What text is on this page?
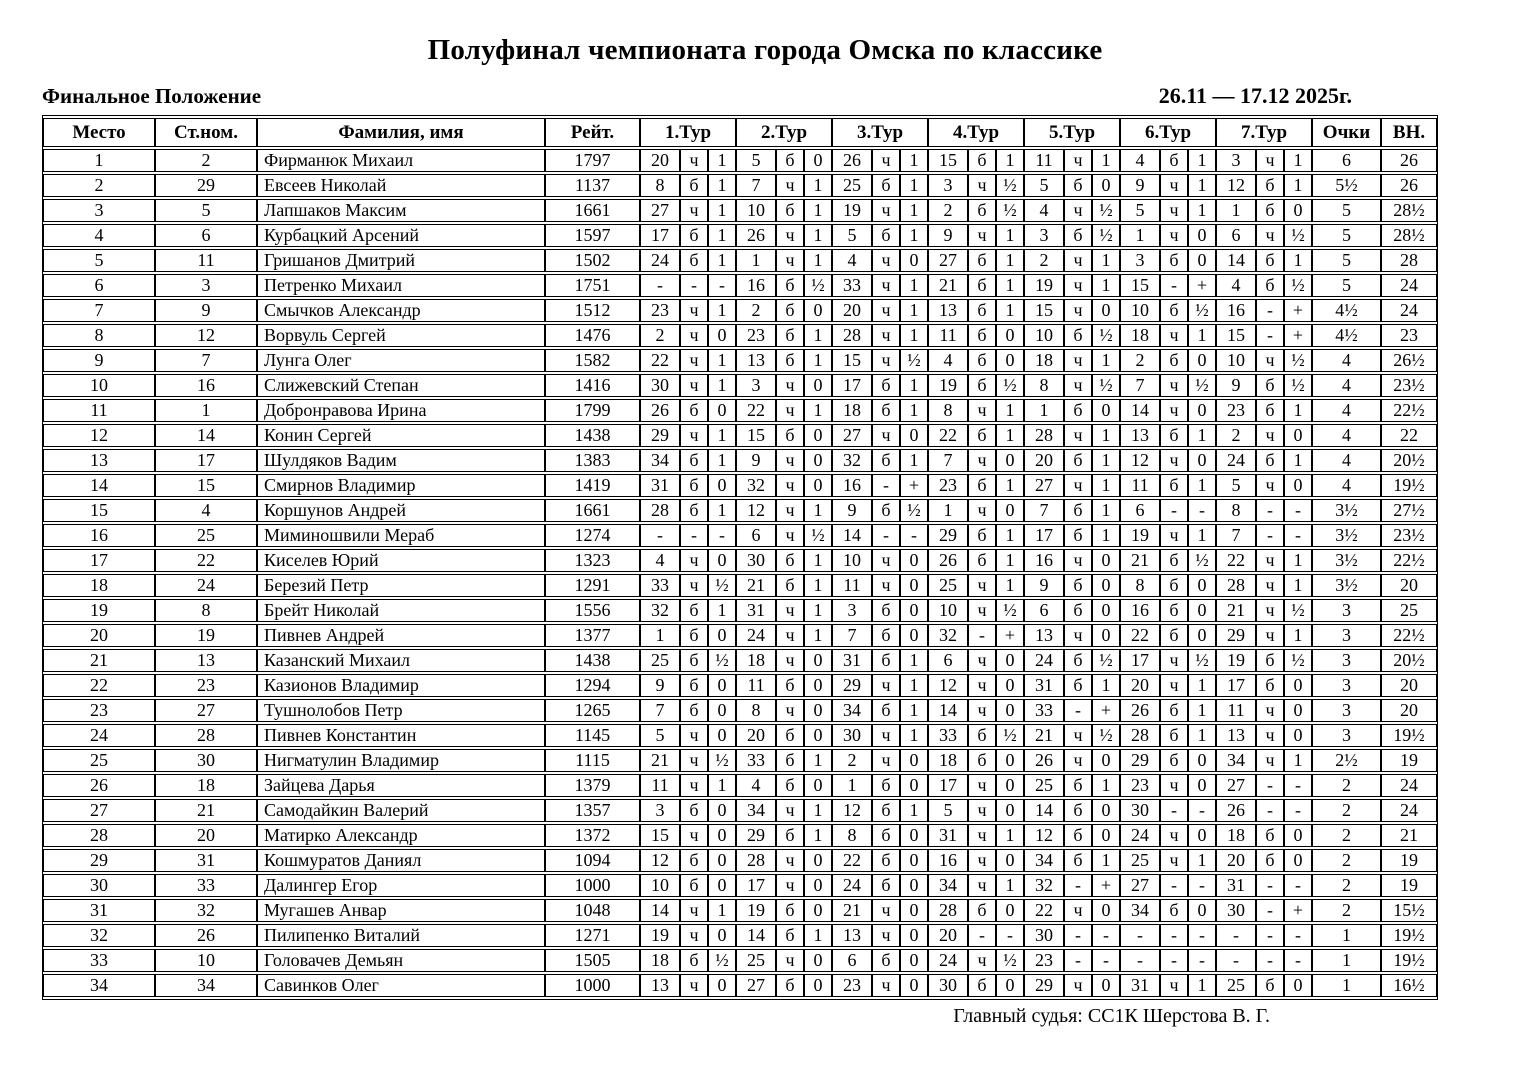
Полуфинал чемпионата города Омска по классике
Финальное Положение	26.11 — 17.12 2025г.
Место	Ст.ном.	Фамилия, имя	Рейт.	1.Тур			2.Тур			3.Тур			4.Тур			5.Тур			6.Тур			7.Тур			Очки	ВН.
1	2	Фирманюк Михаил	1797	20	ч	1	5	б	0	26	ч	1	15	б	1	11	ч	1	4	б	1	3	ч	1	6	26
2	29	Евсеев Николай	1137	8	б	1	7	ч	1	25	б	1	3	ч	½	5	б	0	9	ч	1	12	б	1	5½	26
3	5	Лапшаков Максим	1661	27	ч	1	10	б	1	19	ч	1	2	б	½	4	ч	½	5	ч	1	1	б	0	5	28½
4	6	Курбацкий Арсений	1597	17	б	1	26	ч	1	5	б	1	9	ч	1	3	б	½	1	ч	0	6	ч	½	5	28½
5	11	Гришанов Дмитрий	1502	24	б	1	1	ч	1	4	ч	0	27	б	1	2	ч	1	3	б	0	14	б	1	5	28
6	3	Петренко Михаил	1751	-	-	-	16	б	½	33	ч	1	21	б	1	19	ч	1	15	-	+	4	б	½	5	24
7	9	Смычков Александр	1512	23	ч	1	2	б	0	20	ч	1	13	б	1	15	ч	0	10	б	½	16	-	+	4½	24
8	12	Ворвуль Сергей	1476	2	ч	0	23	б	1	28	ч	1	11	б	0	10	б	½	18	ч	1	15	-	+	4½	23
9	7	Лунга Олег	1582	22	ч	1	13	б	1	15	ч	½	4	б	0	18	ч	1	2	б	0	10	ч	½	4	26½
10	16	Слижевский Степан	1416	30	ч	1	3	ч	0	17	б	1	19	б	½	8	ч	½	7	ч	½	9	б	½	4	23½
11	1	Добронравова Ирина	1799	26	б	0	22	ч	1	18	б	1	8	ч	1	1	б	0	14	ч	0	23	б	1	4	22½
12	14	Конин Сергей	1438	29	ч	1	15	б	0	27	ч	0	22	б	1	28	ч	1	13	б	1	2	ч	0	4	22
13	17	Шулдяков Вадим	1383	34	б	1	9	ч	0	32	б	1	7	ч	0	20	б	1	12	ч	0	24	б	1	4	20½
14	15	Смирнов Владимир	1419	31	б	0	32	ч	0	16	-	+	23	б	1	27	ч	1	11	б	1	5	ч	0	4	19½
15	4	Коршунов Андрей	1661	28	б	1	12	ч	1	9	б	½	1	ч	0	7	б	1	6	-	-	8	-	-	3½	27½
16	25	Миминошвили Мераб	1274	-	-	-	6	ч	½	14	-	-	29	б	1	17	б	1	19	ч	1	7	-	-	3½	23½
17	22	Киселев Юрий	1323	4	ч	0	30	б	1	10	ч	0	26	б	1	16	ч	0	21	б	½	22	ч	1	3½	22½
18	24	Березий Петр	1291	33	ч	½	21	б	1	11	ч	0	25	ч	1	9	б	0	8	б	0	28	ч	1	3½	20
19	8	Брейт Николай	1556	32	б	1	31	ч	1	3	б	0	10	ч	½	6	б	0	16	б	0	21	ч	½	3	25
20	19	Пивнев Андрей	1377	1	б	0	24	ч	1	7	б	0	32	-	+	13	ч	0	22	б	0	29	ч	1	3	22½
21	13	Казанский Михаил	1438	25	б	½	18	ч	0	31	б	1	6	ч	0	24	б	½	17	ч	½	19	б	½	3	20½
22	23	Казионов Владимир	1294	9	б	0	11	б	0	29	ч	1	12	ч	0	31	б	1	20	ч	1	17	б	0	3	20
23	27	Тушнолобов Петр	1265	7	б	0	8	ч	0	34	б	1	14	ч	0	33	-	+	26	б	1	11	ч	0	3	20
24	28	Пивнев Константин	1145	5	ч	0	20	б	0	30	ч	1	33	б	½	21	ч	½	28	б	1	13	ч	0	3	19½
25	30	Нигматулин Владимир	1115	21	ч	½	33	б	1	2	ч	0	18	б	0	26	ч	0	29	б	0	34	ч	1	2½	19
26	18	Зайцева Дарья	1379	11	ч	1	4	б	0	1	б	0	17	ч	0	25	б	1	23	ч	0	27	-	-	2	24
27	21	Самодайкин Валерий	1357	3	б	0	34	ч	1	12	б	1	5	ч	0	14	б	0	30	-	-	26	-	-	2	24
28	20	Матирко Александр	1372	15	ч	0	29	б	1	8	б	0	31	ч	1	12	б	0	24	ч	0	18	б	0	2	21
29	31	Кошмуратов Даниял	1094	12	б	0	28	ч	0	22	б	0	16	ч	0	34	б	1	25	ч	1	20	б	0	2	19
30	33	Далингер Егор	1000	10	б	0	17	ч	0	24	б	0	34	ч	1	32	-	+	27	-	-	31	-	-	2	19
31	32	Мугашев Анвар	1048	14	ч	1	19	б	0	21	ч	0	28	б	0	22	ч	0	34	б	0	30	-	+	2	15½
32	26	Пилипенко Виталий	1271	19	ч	0	14	б	1	13	ч	0	20	-	-	30	-	-	-	-	-	-	-	-	1	19½
33	10	Головачев Демьян	1505	18	б	½	25	ч	0	6	б	0	24	ч	½	23	-	-	-	-	-	-	-	-	1	19½
34	34	Савинков Олег	1000	13	ч	0	27	б	0	23	ч	0	30	б	0	29	ч	0	31	ч	1	25	б	0	1	16½
Главный судья: СС1К Шерстова В. Г.
